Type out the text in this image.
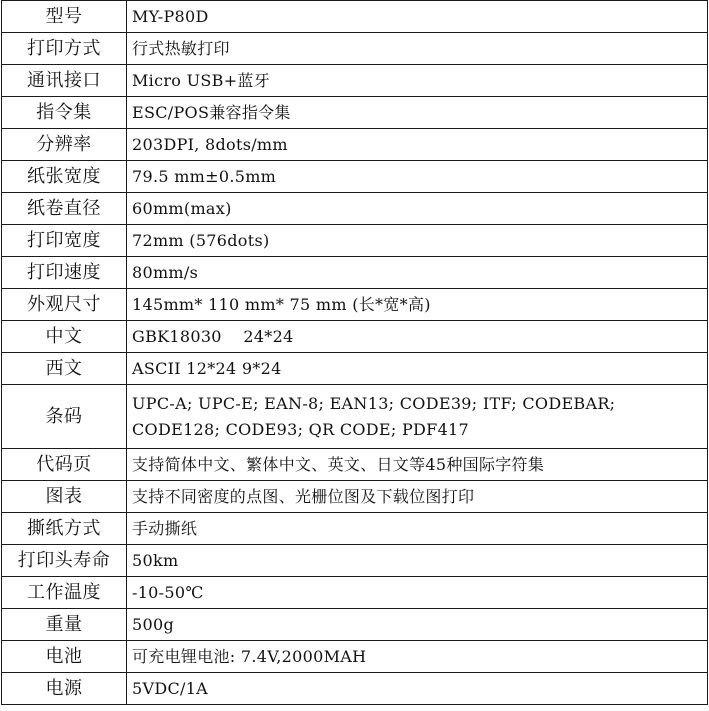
型号	MY-P80D
打印方式	行式热敏打印
通讯接口	Micro USB+蓝牙
指令集	ESC/POS兼容指令集
分辨率	203DPI, 8dots/mm
纸张宽度	79.5 mm±0.5mm
纸卷直径	60mm(max)
打印宽度	72mm (576dots)
打印速度	80mm/s
外观尺寸	145mm* 110 mm* 75 mm (长*宽*高)
中文	GBK18030    24*24
西文	ASCII 12*24 9*24
条码	UPC-A; UPC-E; EAN-8; EAN13; CODE39; ITF; CODEBAR; CODE128; CODE93; QR CODE; PDF417
代码页	支持简体中文、繁体中文、英文、日文等45种国际字符集
图表	支持不同密度的点图、光栅位图及下载位图打印
撕纸方式	手动撕纸
打印头寿命	50km
工作温度	-10-50℃
重量	500g
电池	可充电锂电池: 7.4V,2000MAH
电源	5VDC/1A
